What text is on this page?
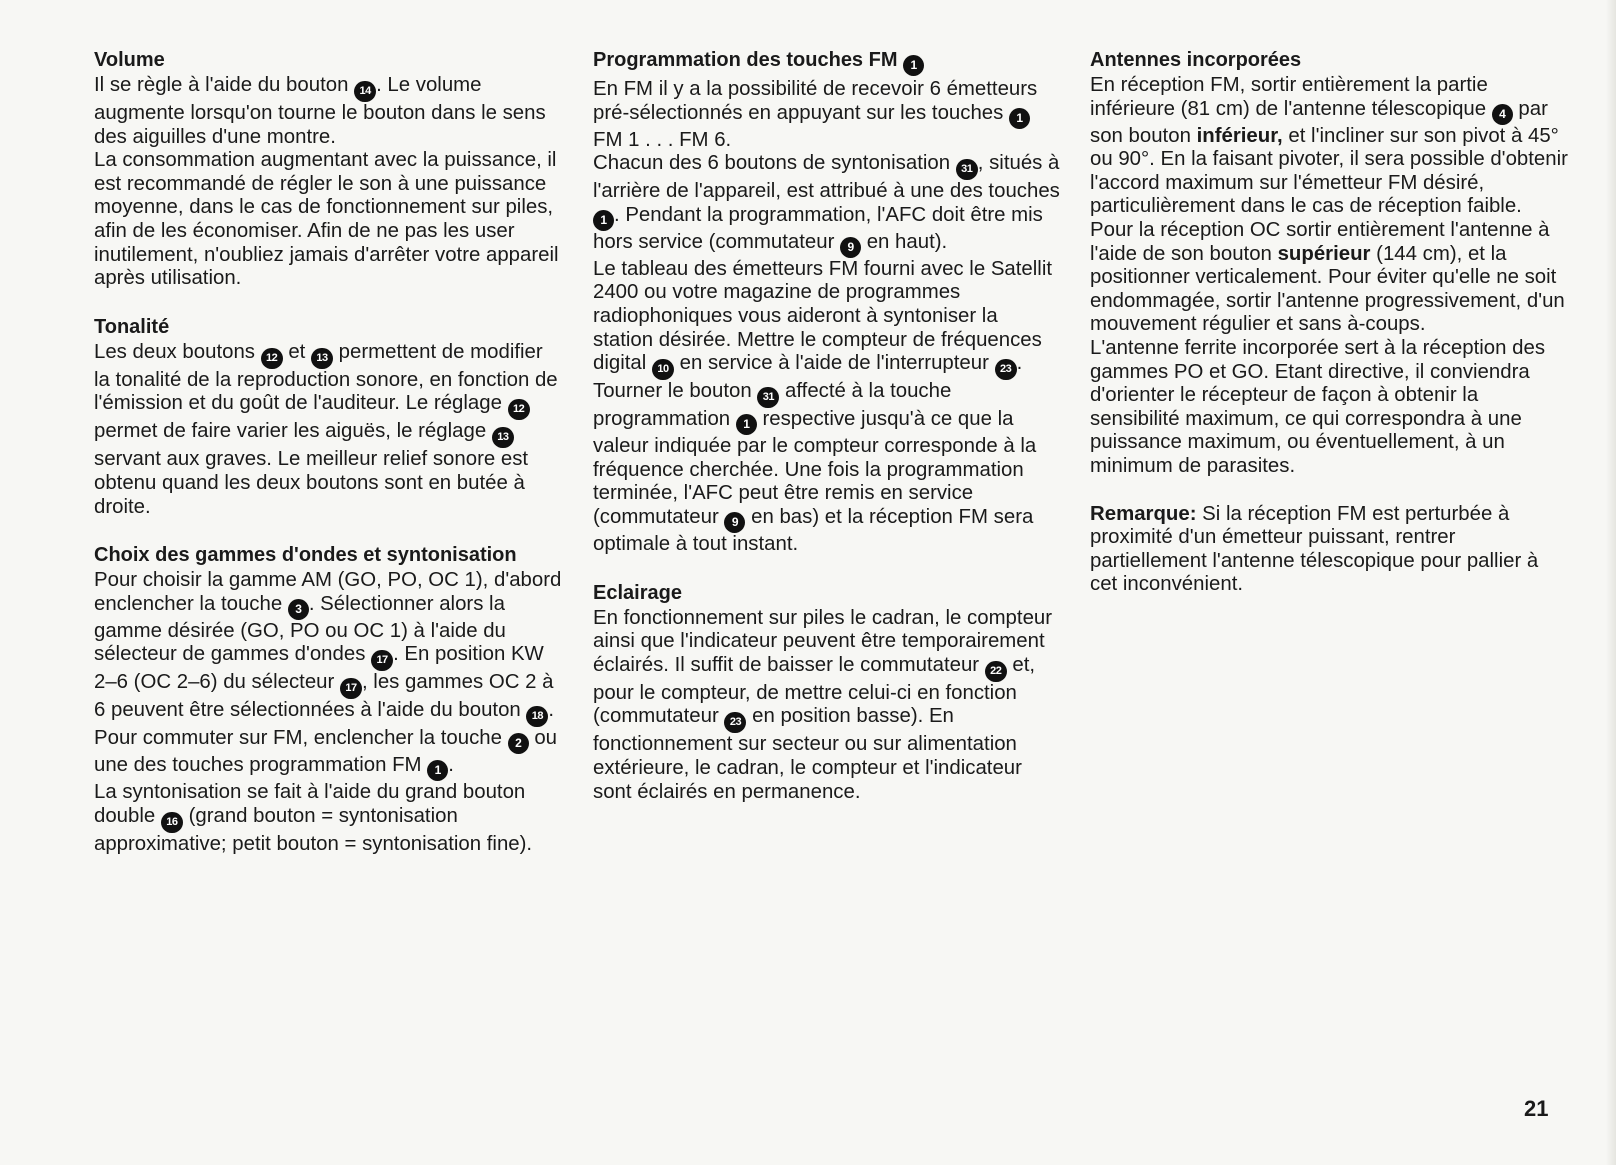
Volume

Il se règle à l'aide du bouton 14 . Le volume augmente lorsqu'on tourne le bouton dans le sens des aiguilles d'une montre.

La consommation augmentant avec la puissance, il est recommandé de régler le son à une puissance moyenne, dans le cas de fonctionnement sur piles, afin de les économiser. Afin de ne pas les user inutilement, n'oubliez jamais d'arrêter votre appareil après utilisation.

Tonalité

Les deux boutons 12 et 13 permettent de modifier la tonalité de la reproduction sonore, en fonction de l'émission et du goût de l'auditeur. Le réglage 12 permet de faire varier les aiguës, le réglage 13 servant aux graves. Le meilleur relief sonore est obtenu quand les deux boutons sont en butée à droite.

Choix des gammes d'ondes et syntonisation

Pour choisir la gamme AM (GO, PO, OC 1), d'abord enclencher la touche 3 . Sélectionner alors la gamme désirée (GO, PO ou OC 1) à l'aide du sélecteur de gammes d'ondes 17 . En position KW 2–6 (OC 2–6) du sélecteur 17 , les gammes OC 2 à 6 peuvent être sélectionnées à l'aide du bouton 18 . Pour commuter sur FM, enclencher la touche 2 ou une des touches programmation FM 1 .

La syntonisation se fait à l'aide du grand bouton double 16 (grand bouton = syntonisation approximative; petit bouton = syntonisation fine).

Programmation des touches FM 1

En FM il y a la possibilité de recevoir 6 émetteurs pré-sélectionnés en appuyant sur les touches 1 FM 1 . . . FM 6.

Chacun des 6 boutons de syntonisation 31 , situés à l'arrière de l'appareil, est attribué à une des touches 1 . Pendant la programmation, l'AFC doit être mis hors service (commutateur 9 en haut).

Le tableau des émetteurs FM fourni avec le Satellit 2400 ou votre magazine de programmes radiophoniques vous aideront à syntoniser la station désirée. Mettre le compteur de fréquences digital 10 en service à l'aide de l'interrupteur 23 .

Tourner le bouton 31 affecté à la touche programmation 1 respective jusqu'à ce que la valeur indiquée par le compteur corresponde à la fréquence cherchée. Une fois la programmation terminée, l'AFC peut être remis en service (commutateur 9 en bas) et la réception FM sera optimale à tout instant.

Eclairage

En fonctionnement sur piles le cadran, le compteur ainsi que l'indicateur peuvent être temporairement éclairés. Il suffit de baisser le commutateur 22 et, pour le compteur, de mettre celui-ci en fonction (commutateur 23 en position basse). En fonctionnement sur secteur ou sur alimentation extérieure, le cadran, le compteur et l'indicateur sont éclairés en permanence.

Antennes incorporées

En réception FM, sortir entièrement la partie inférieure (81 cm) de l'antenne télescopique 4 par son bouton inférieur, et l'incliner sur son pivot à 45° ou 90°. En la faisant pivoter, il sera possible d'obtenir l'accord maximum sur l'émetteur FM désiré, particulièrement dans le cas de réception faible. Pour la réception OC sortir entièrement l'antenne à l'aide de son bouton supérieur (144 cm), et la positionner verticalement. Pour éviter qu'elle ne soit endommagée, sortir l'antenne progressivement, d'un mouvement régulier et sans à-coups.

L'antenne ferrite incorporée sert à la réception des gammes PO et GO. Etant directive, il conviendra d'orienter le récepteur de façon à obtenir la sensibilité maximum, ce qui correspondra à une puissance maximum, ou éventuellement, à un minimum de parasites.

Remarque: Si la réception FM est perturbée à proximité d'un émetteur puissant, rentrer partiellement l'antenne télescopique pour pallier à cet inconvénient.

21
